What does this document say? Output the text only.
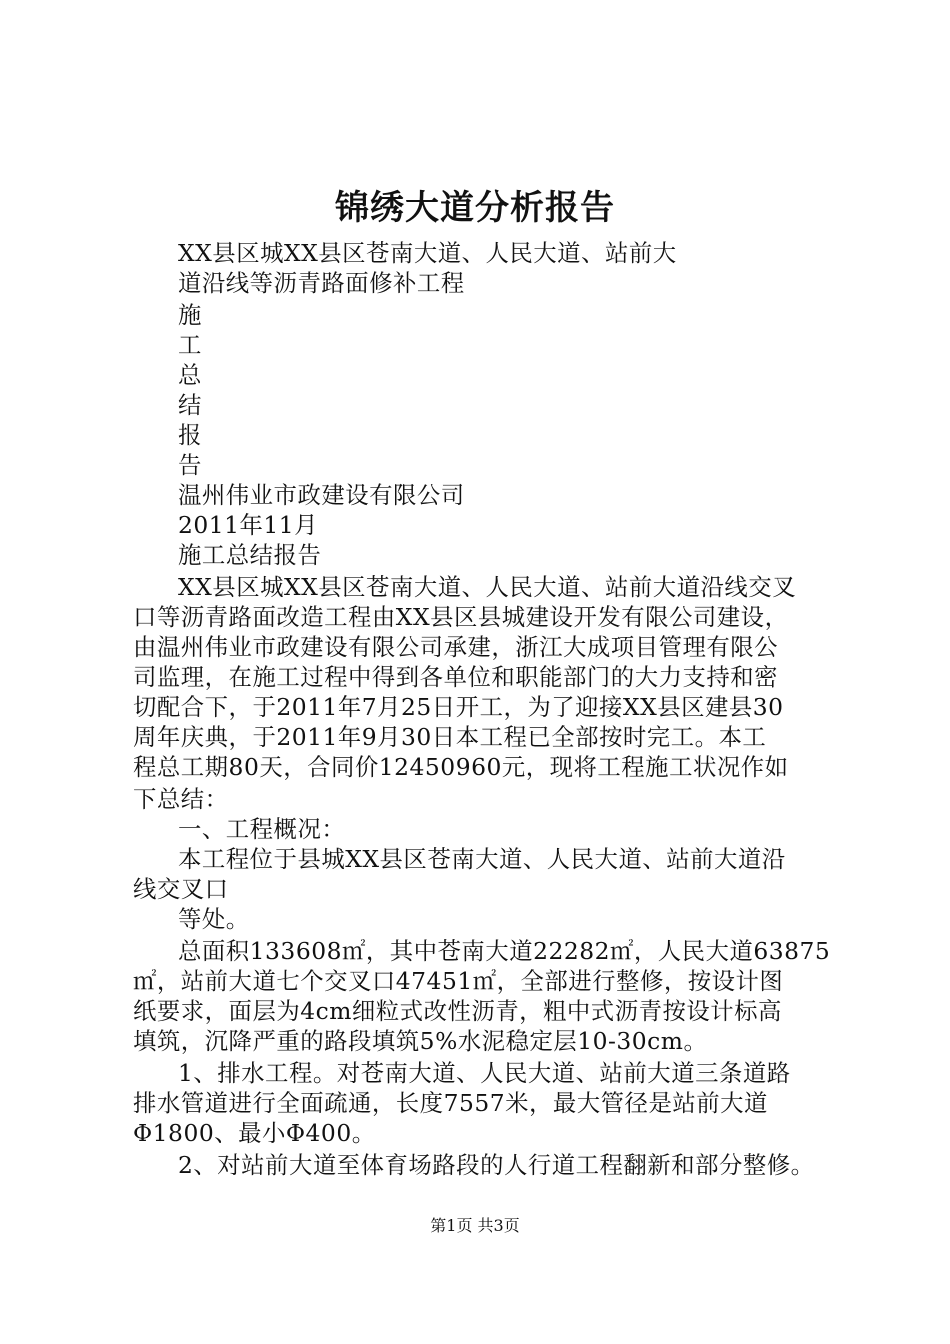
锦绣大道分析报告
XX县区城XX县区苍南大道、人民大道、站前大
道沿线等沥青路面修补工程
施
工
总
结
报
告
温州伟业市政建设有限公司
2011年11月
施工总结报告
XX县区城XX县区苍南大道、人民大道、站前大道沿线交叉
口等沥青路面改造工程由XX县区县城建设开发有限公司建设，
由温州伟业市政建设有限公司承建，浙江大成项目管理有限公
司监理，在施工过程中得到各单位和职能部门的大力支持和密
切配合下，于2011年7月25日开工，为了迎接XX县区建县30
周年庆典，于2011年9月30日本工程已全部按时完工。本工
程总工期80天，合同价12450960元，现将工程施工状况作如
下总结：
一、工程概况：
本工程位于县城XX县区苍南大道、人民大道、站前大道沿
线交叉口
等处。
总面积133608㎡，其中苍南大道22282㎡，人民大道63875
㎡，站前大道七个交叉口47451㎡，全部进行整修，按设计图
纸要求，面层为4cm细粒式改性沥青，粗中式沥青按设计标高
填筑，沉降严重的路段填筑5%水泥稳定层10-30cm。
1、排水工程。对苍南大道、人民大道、站前大道三条道路
排水管道进行全面疏通，长度7557米，最大管径是站前大道
Φ1800、最小Φ400。
2、对站前大道至体育场路段的人行道工程翻新和部分整修。
第1页 共3页
